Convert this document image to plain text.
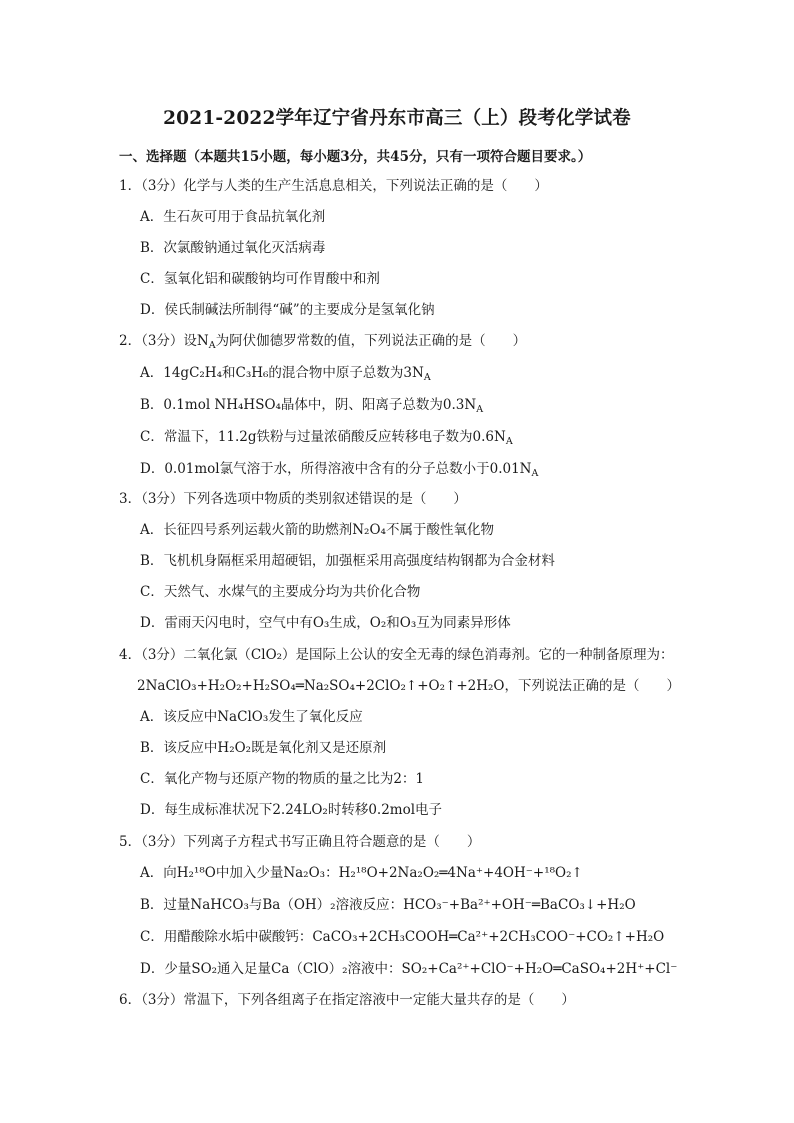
2021-2022学年辽宁省丹东市高三（上）段考化学试卷
一、选择题（本题共15小题，每小题3分，共45分，只有一项符合题目要求。）
1．（3分）化学与人类的生产生活息息相关，下列说法正确的是（　　）
A．生石灰可用于食品抗氧化剂
B．次氯酸钠通过氧化灭活病毒
C．氢氧化铝和碳酸钠均可作胃酸中和剂
D．侯氏制碱法所制得“碱”的主要成分是氢氧化钠
2．（3分）设$N_A$为阿伏伽德罗常数的值，下列说法正确的是（　　）
A．14gC₂H₄和C₃H₆的混合物中原子总数为$3N_A$
B．0.1mol NH₄HSO₄晶体中，阴、阳离子总数为$0.3N_A$
C．常温下，11.2g铁粉与过量浓硝酸反应转移电子数为$0.6N_A$
D．0.01mol氯气溶于水，所得溶液中含有的分子总数小于$0.01N_A$
3．（3分）下列各选项中物质的类别叙述错误的是（　　）
A．长征四号系列运载火箭的助燃剂N₂O₄不属于酸性氧化物
B．飞机机身隔框采用超硬铝，加强框采用高强度结构钢都为合金材料
C．天然气、水煤气的主要成分均为共价化合物
D．雷雨天闪电时，空气中有O₃生成，O₂和O₃互为同素异形体
4．（3分）二氧化氯（ClO₂）是国际上公认的安全无毒的绿色消毒剂。它的一种制备原理为：
2NaClO₃+H₂O₂+H₂SO₄═Na₂SO₄+2ClO₂↑+O₂↑+2H₂O，下列说法正确的是（　　）
A．该反应中NaClO₃发生了氧化反应
B．该反应中H₂O₂既是氧化剂又是还原剂
C．氧化产物与还原产物的物质的量之比为2：1
D．每生成标准状况下2.24LO₂时转移0.2mol电子
5．（3分）下列离子方程式书写正确且符合题意的是（　　）
A．向H₂¹⁸O中加入少量Na₂O₃：H₂¹⁸O+2Na₂O₂═4Na⁺+4OH⁻+¹⁸O₂↑
B．过量NaHCO₃与Ba（OH）₂溶液反应：HCO₃⁻+Ba²⁺+OH⁻═BaCO₃↓+H₂O
C．用醋酸除水垢中碳酸钙：CaCO₃+2CH₃COOH═Ca²⁺+2CH₃COO⁻+CO₂↑+H₂O
D．少量SO₂通入足量Ca（ClO）₂溶液中：SO₂+Ca²⁺+ClO⁻+H₂O═CaSO₄+2H⁺+Cl⁻
6．（3分）常温下，下列各组离子在指定溶液中一定能大量共存的是（　　）
